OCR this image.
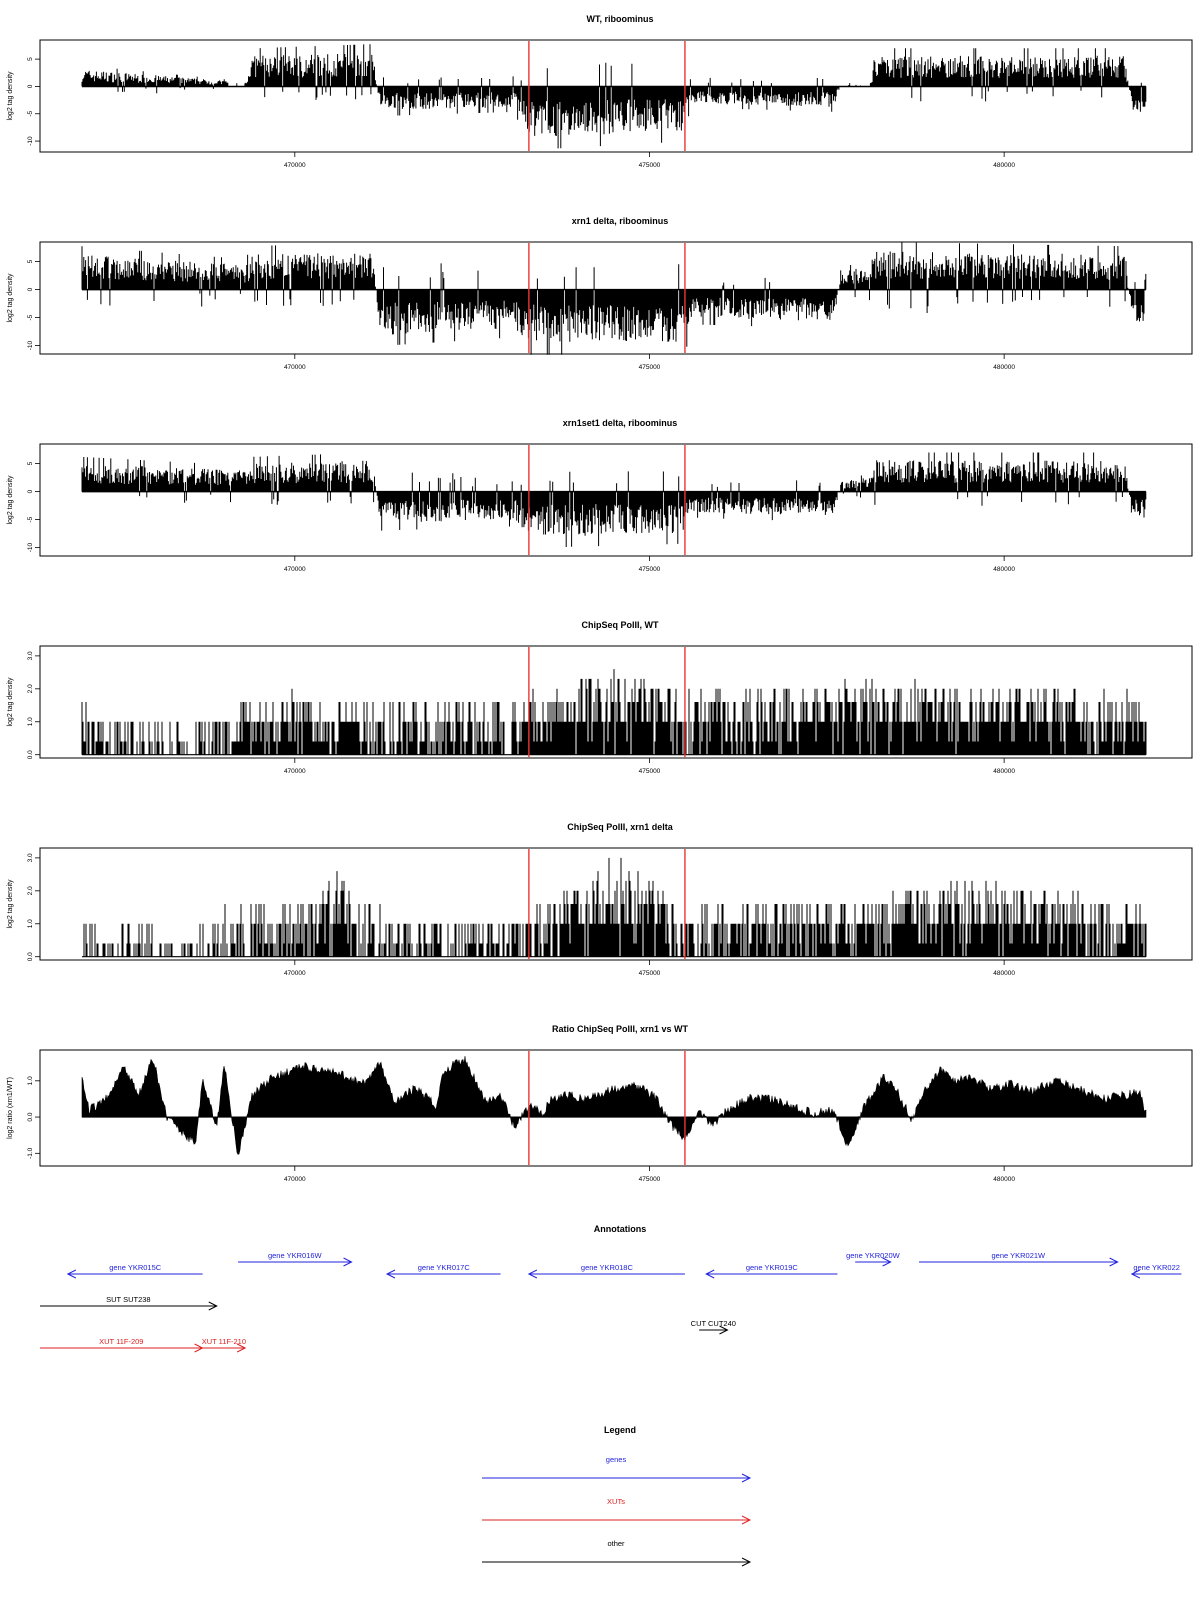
-10
-5
0
5
log2 tag density
470000	475000	480000
WT, riboominus
-10
-5
0
5
log2 tag density
470000	475000	480000
xrn1 delta, riboominus
-10
-5
0
5
log2 tag density
470000	475000	480000
xrn1set1 delta, riboominus
0.0
1.0
2.0
3.0
log2 tag density
470000	475000	480000
ChipSeq PolII, WT
0.0
1.0
2.0
3.0
log2 tag density
470000	475000	480000
ChipSeq PolII, xrn1 delta
-1.0
0.0
1.0
log2 ratio (xrn1/WT)
470000	475000	480000
Ratio ChipSeq PolII, xrn1 vs WT
Annotations
gene YKR015C
gene YKR016W
gene YKR017C	gene YKR018C	gene YKR019C
gene YKR020W	gene YKR021W
gene YKR022
SUT SUT238
CUT CUT240
XUT 11F-209	XUT 11F-210
Legend
genes
XUTs
other
